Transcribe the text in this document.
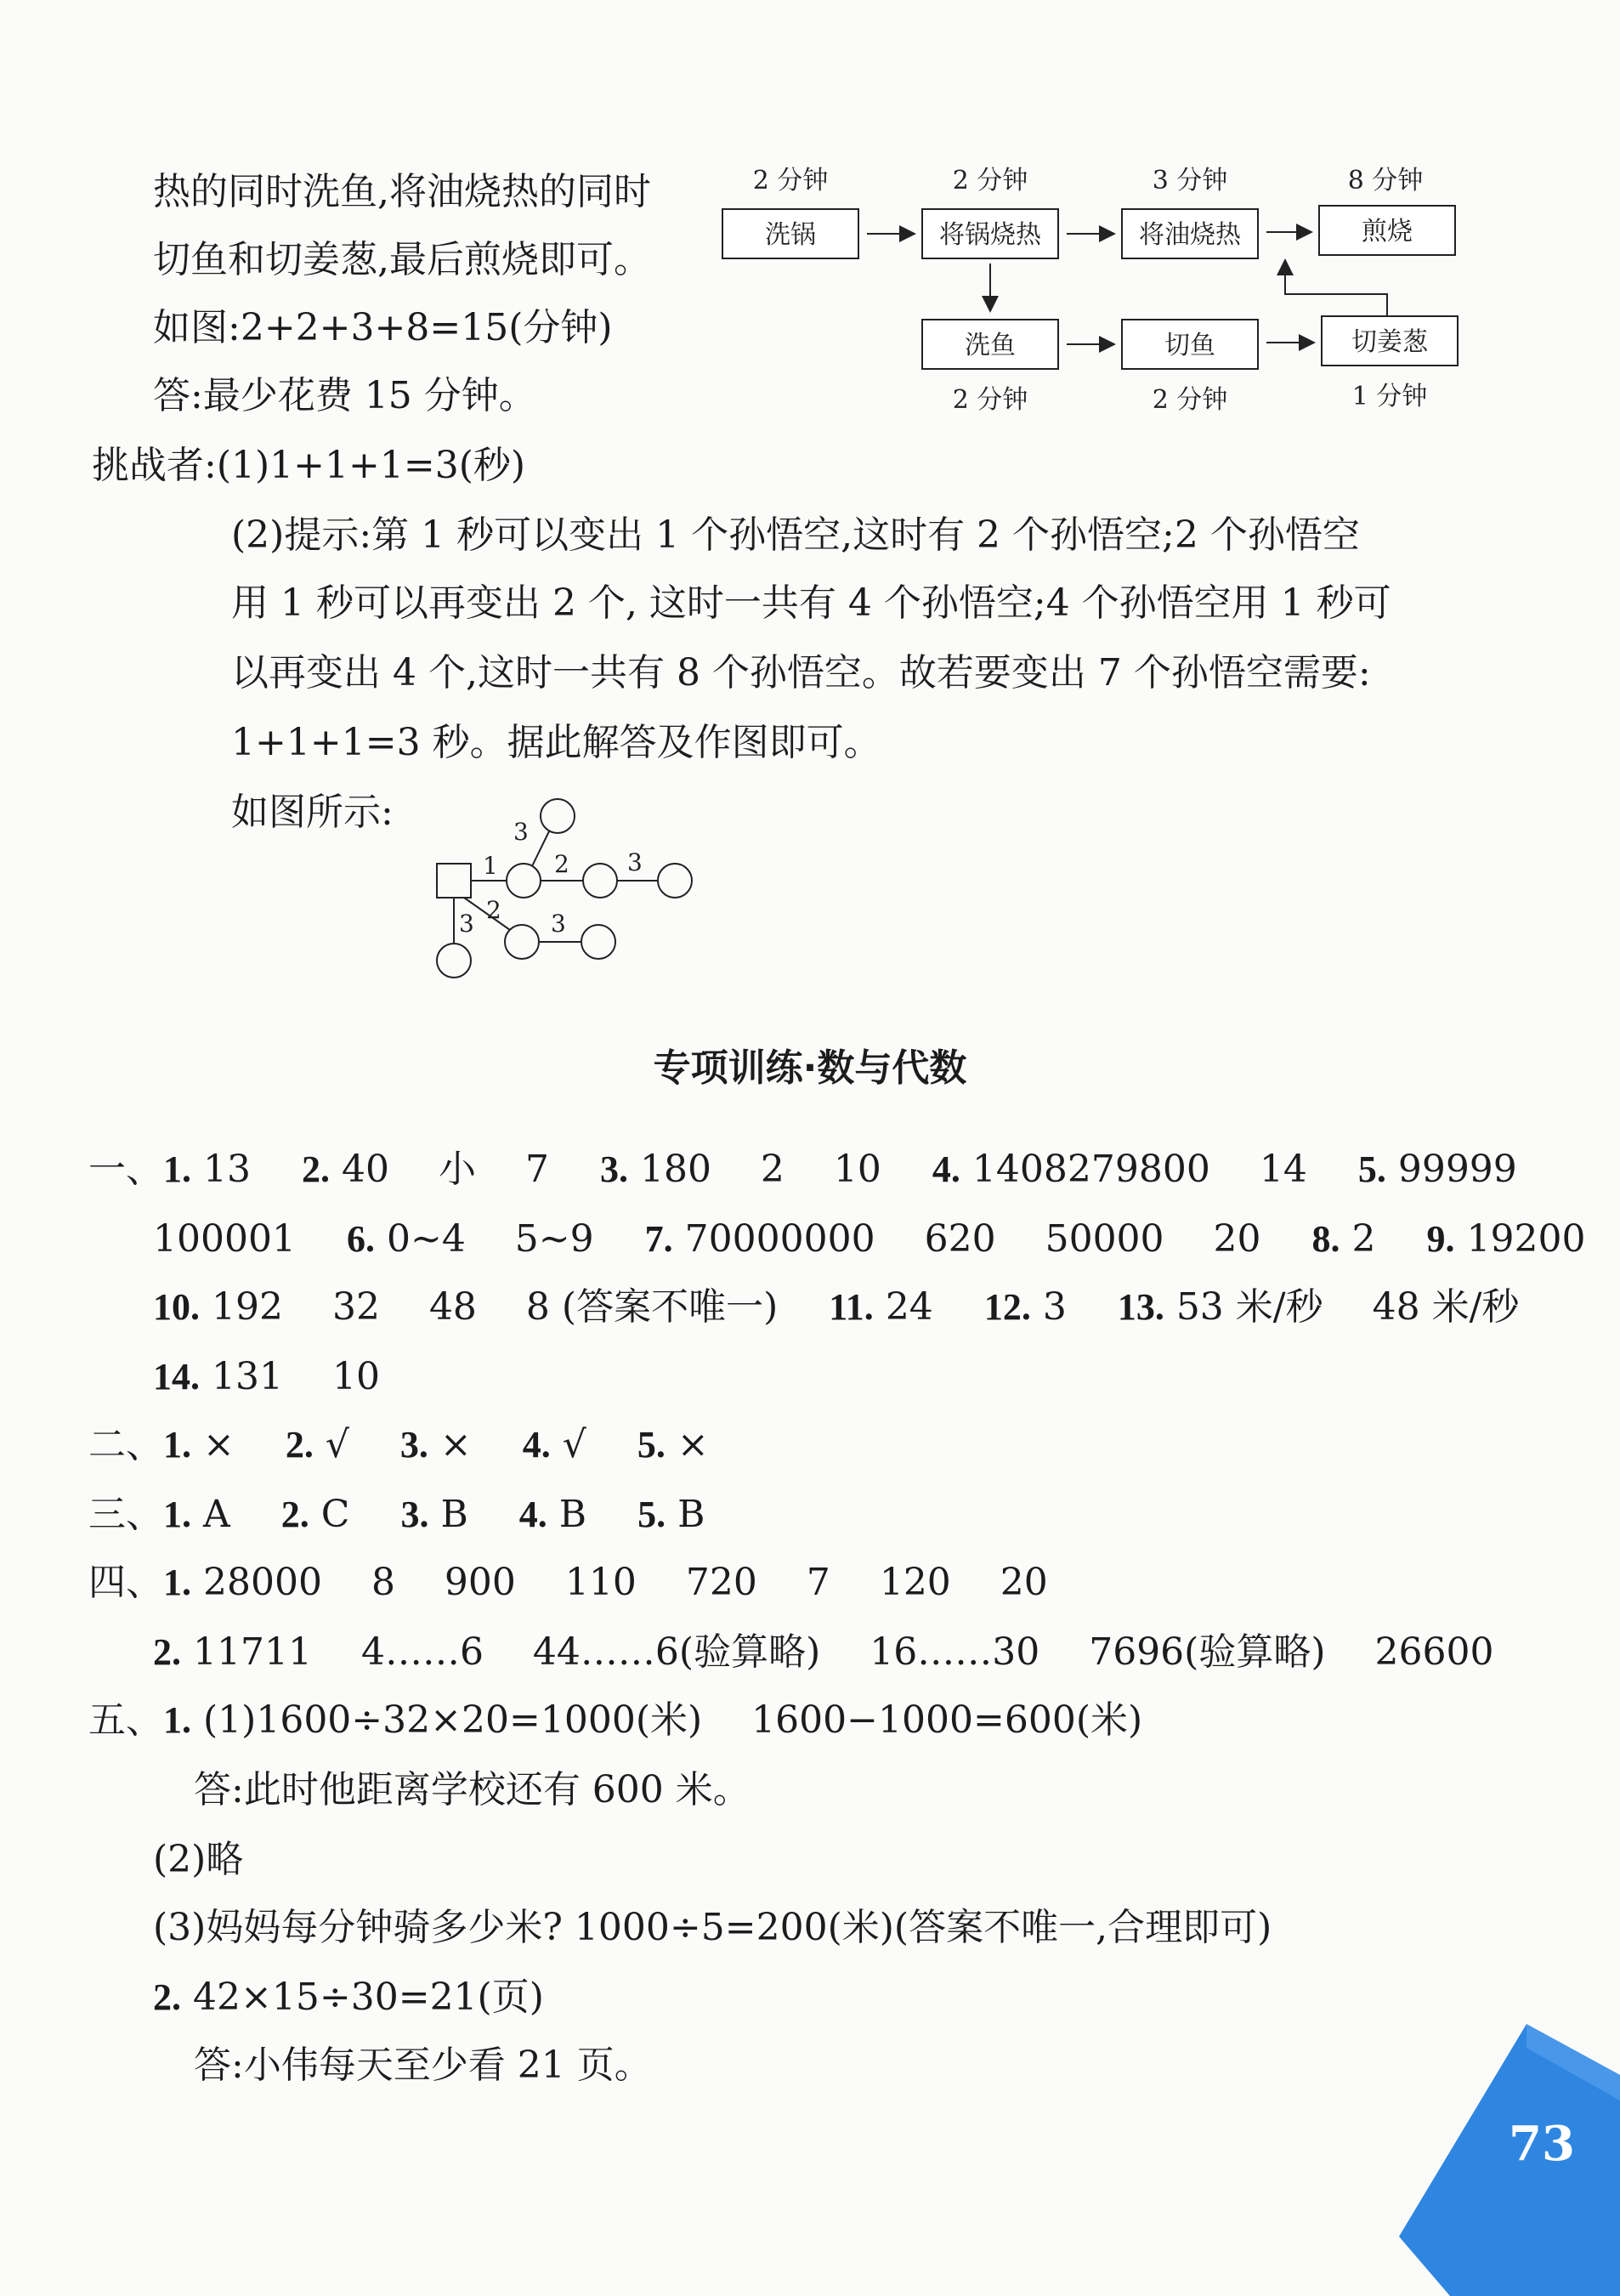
热的同时洗鱼,将油烧热的同时
切鱼和切姜葱,最后煎烧即可。
如图:2+2+3+8=15(分钟)
答:最少花费 15 分钟。
2 分钟	2 分钟	3 分钟	8 分钟
洗锅	将锅烧热	将油烧热	煎烧
洗鱼	切鱼	切姜葱
2 分钟	2 分钟	1 分钟
挑战者:(1)1+1+1=3(秒)
(2)提示:第 1 秒可以变出 1 个孙悟空,这时有 2 个孙悟空;2 个孙悟空
用 1 秒可以再变出 2 个, 这时一共有 4 个孙悟空;4 个孙悟空用 1 秒可
以再变出 4 个,这时一共有 8 个孙悟空。故若要变出 7 个孙悟空需要:
1+1+1=3 秒。据此解答及作图即可。
如图所示:
1
3
2 3
3 2 3
专项训练·数与代数
一、1. 13 2. 40　 小　 7 3. 180　 2　 10 4. 1408279800　 14 5. 99999
100001 6. 0~4　 5~9 7. 70000000　 620　 50000　 20 8. 2 9. 19200
10. 192　 32　 48　 8 (答案不唯一) 11. 24 12. 3 13. 53 米/秒　 48 米/秒
14. 131　 10
二、1. × 2. √ 3. × 4. √ 5. ×
三、1. A 2. C 3. B 4. B 5. B
四、1. 28000　 8　 900　 110　 720　 7　 120　 20
2. 11711　 4……6　 44……6(验算略)　 16……30　 7696(验算略)　 26600
五、1. (1)1600÷32×20=1000(米)　 1600−1000=600(米)
答:此时他距离学校还有 600 米。
(2)略
(3)妈妈每分钟骑多少米? 1000÷5=200(米)(答案不唯一,合理即可)
2. 42×15÷30=21(页)
答:小伟每天至少看 21 页。
73
